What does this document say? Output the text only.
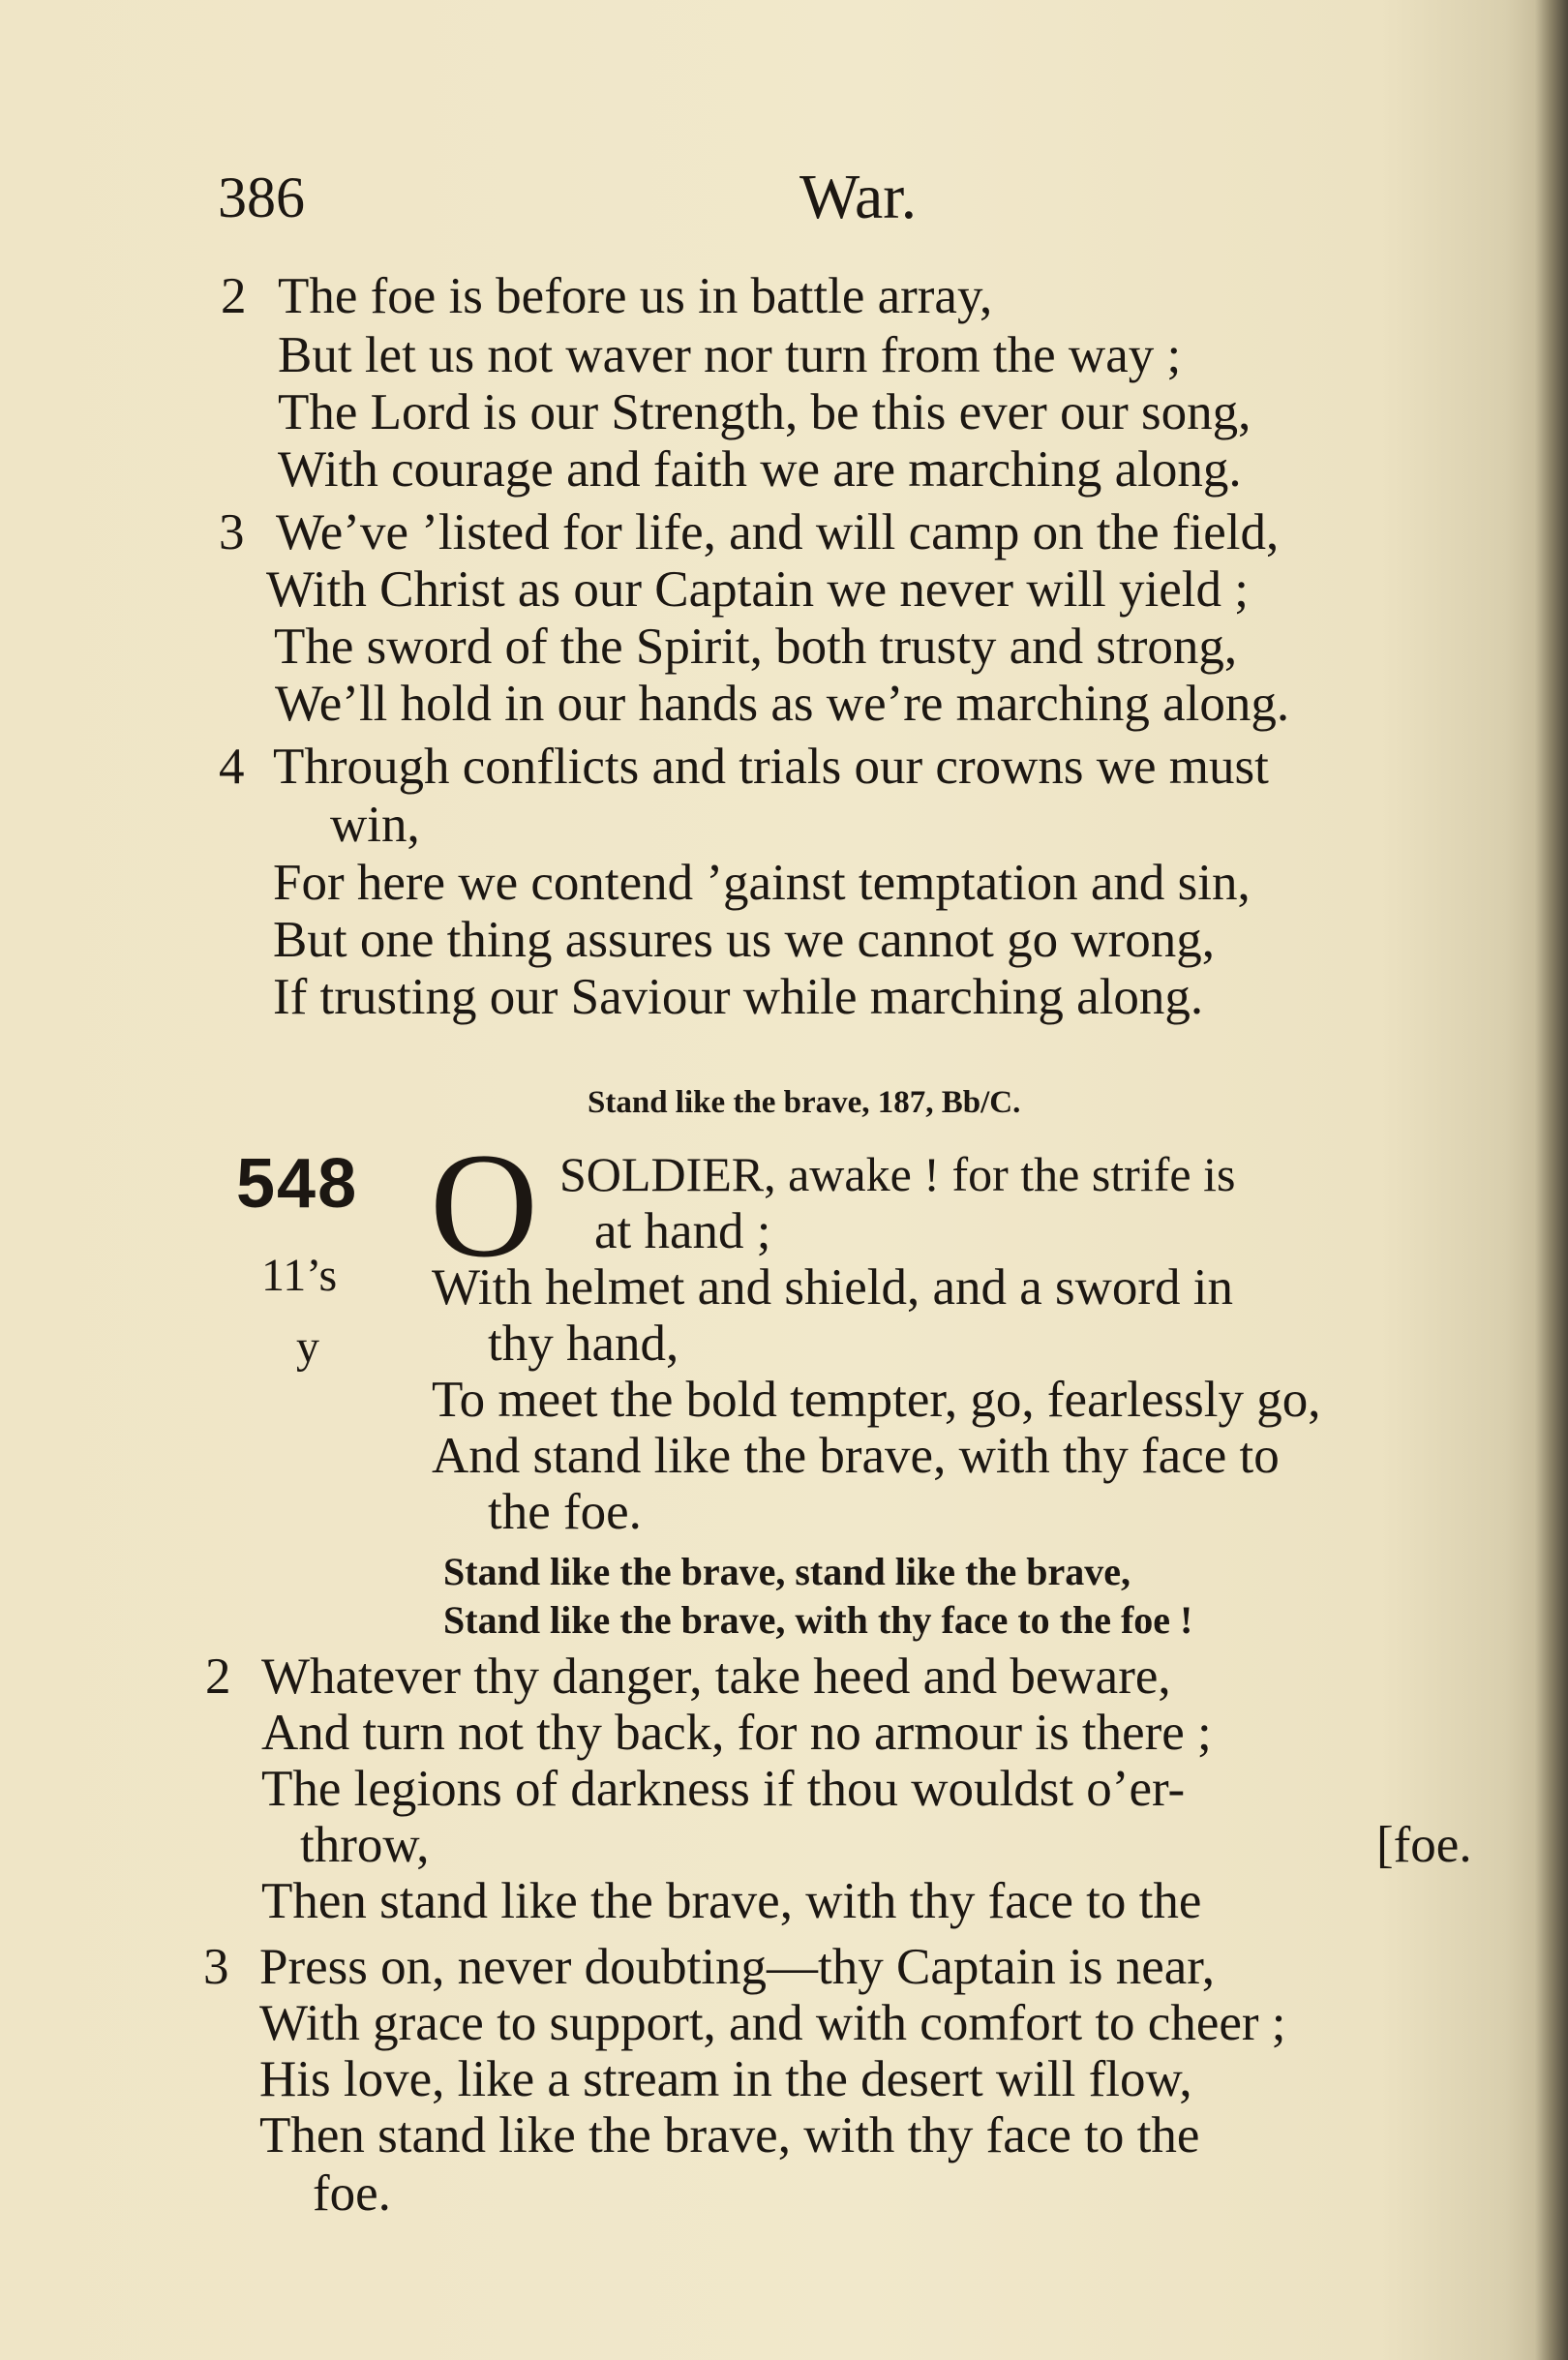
386	War.
2 The foe is before us in battle array,
But let us not waver nor turn from the way ;
The Lord is our Strength, be this ever our song,
With courage and faith we are marching along.
3 We’ve ’listed for life, and will camp on the field,
With Christ as our Captain we never will yield ;
The sword of the Spirit, both trusty and strong,
We’ll hold in our hands as we’re marching along.
4 Through conflicts and trials our crowns we must
win,
For here we contend ’gainst temptation and sin,
But one thing assures us we cannot go wrong,
If trusting our Saviour while marching along.
Stand like the brave, 187, Bb/C.
548
11’s
y
O SOLDIER, awake ! for the strife is
at hand ;
With helmet and shield, and a sword in
thy hand,
To meet the bold tempter, go, fearlessly go,
And stand like the brave, with thy face to
the foe.
Stand like the brave, stand like the brave,
Stand like the brave, with thy face to the foe !
2 Whatever thy danger, take heed and beware,
And turn not thy back, for no armour is there ;
The legions of darkness if thou wouldst o’er-
throw,	[foe.
Then stand like the brave, with thy face to the
3 Press on, never doubting—thy Captain is near,
With grace to support, and with comfort to cheer ;
His love, like a stream in the desert will flow,
Then stand like the brave, with thy face to the
foe.
